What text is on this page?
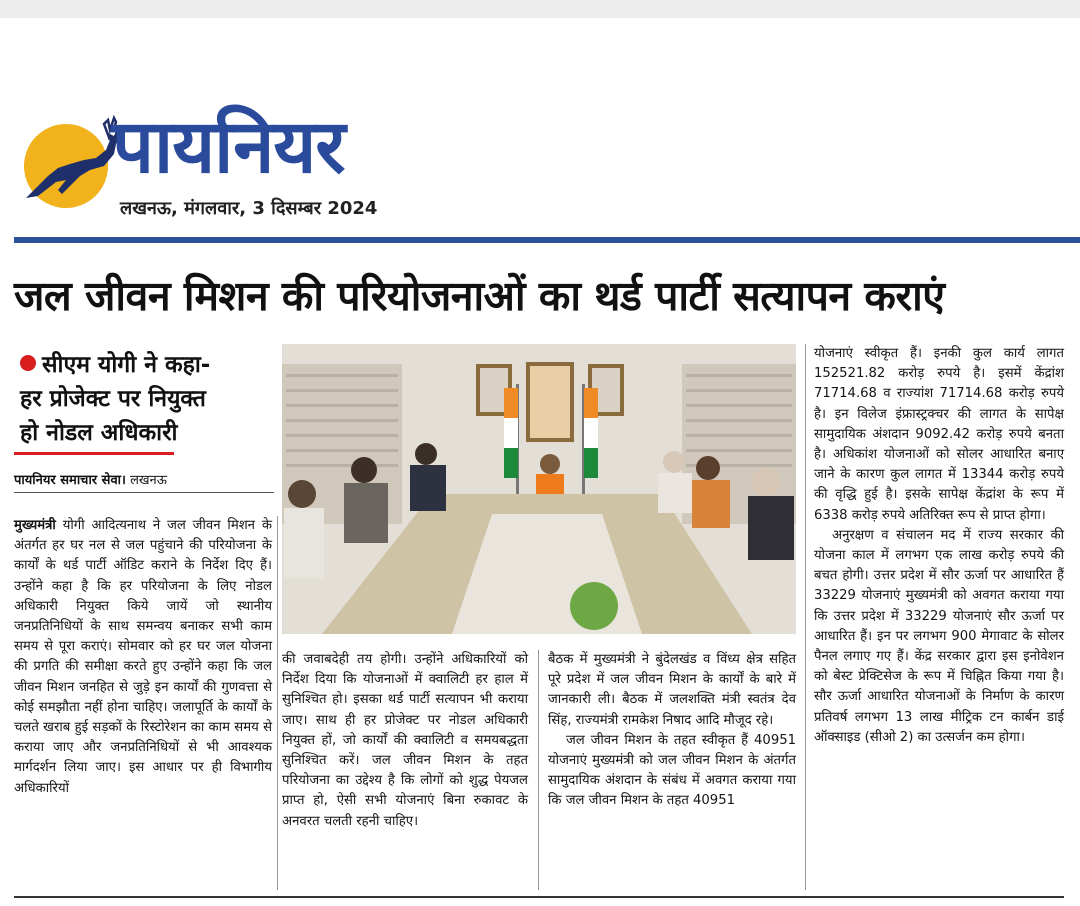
पायनियर
लखनऊ, मंगलवार, 3 दिसम्बर 2024
जल जीवन मिशन की परियोजनाओं का थर्ड पार्टी सत्यापन कराएं
सीएम योगी ने कहा-
हर प्रोजेक्ट पर नियुक्त
हो नोडल अधिकारी
पायनियर समाचार सेवा। लखनऊ

मुख्यमंत्री योगी आदित्यनाथ ने जल जीवन मिशन के अंतर्गत हर घर नल से जल पहुंचाने की परियोजना के कार्यों के थर्ड पार्टी ऑडिट कराने के निर्देश दिए हैं। उन्होंने कहा है कि हर परियोजना के लिए नोडल अधिकारी नियुक्त किये जायें जो स्थानीय जनप्रतिनिधियों के साथ समन्वय बनाकर सभी काम समय से पूरा कराएं। सोमवार को हर घर जल योजना की प्रगति की समीक्षा करते हुए उन्होंने कहा कि जल जीवन मिशन जनहित से जुड़े इन कार्यों की गुणवत्ता से कोई समझौता नहीं होना चाहिए। जलापूर्ति के कार्यों के चलते खराब हुई सड़कों के रिस्टोरेशन का काम समय से कराया जाए और जनप्रतिनिधियों से भी आवश्यक मार्गदर्शन लिया जाए। इस आधार पर ही विभागीय अधिकारियों

की जवाबदेही तय होगी। उन्होंने अधिकारियों को निर्देश दिया कि योजनाओं में क्वालिटी हर हाल में सुनिश्चित हो। इसका थर्ड पार्टी सत्यापन भी कराया जाए। साथ ही हर प्रोजेक्ट पर नोडल अधिकारी नियुक्त हों, जो कार्यों की क्वालिटी व समयबद्धता सुनिश्चित करें। जल जीवन मिशन के तहत परियोजना का उद्देश्य है कि लोगों को शुद्ध पेयजल प्राप्त हो, ऐसी सभी योजनाएं बिना रुकावट के अनवरत चलती रहनी चाहिए।

बैठक में मुख्यमंत्री ने बुंदेलखंड व विंध्य क्षेत्र सहित पूरे प्रदेश में जल जीवन मिशन के कार्यों के बारे में जानकारी ली। बैठक में जलशक्ति मंत्री स्वतंत्र देव सिंह, राज्यमंत्री रामकेश निषाद आदि मौजूद रहे।

जल जीवन मिशन के तहत स्वीकृत हैं 40951 योजनाएं मुख्यमंत्री को जल जीवन मिशन के अंतर्गत सामुदायिक अंशदान के संबंध में अवगत कराया गया कि जल जीवन मिशन के तहत 40951

योजनाएं स्वीकृत हैं। इनकी कुल कार्य लागत 152521.82 करोड़ रुपये है। इसमें केंद्रांश 71714.68 व राज्यांश 71714.68 करोड़ रुपये है। इन विलेज इंफ्रास्ट्रक्चर की लागत के सापेक्ष सामुदायिक अंशदान 9092.42 करोड़ रुपये बनता है। अधिकांश योजनाओं को सोलर आधारित बनाए जाने के कारण कुल लागत में 13344 करोड़ रुपये की वृद्धि हुई है। इसके सापेक्ष केंद्रांश के रूप में 6338 करोड़ रुपये अतिरिक्त रूप से प्राप्त होगा।

अनुरक्षण व संचालन मद में राज्य सरकार की योजना काल में लगभग एक लाख करोड़ रुपये की बचत होगी। उत्तर प्रदेश में सौर ऊर्जा पर आधारित हैं 33229 योजनाएं मुख्यमंत्री को अवगत कराया गया कि उत्तर प्रदेश में 33229 योजनाएं सौर ऊर्जा पर आधारित हैं। इन पर लगभग 900 मेगावाट के सोलर पैनल लगाए गए हैं। केंद्र सरकार द्वारा इस इनोवेशन को बेस्ट प्रेक्टिसेज के रूप में चिह्नित किया गया है। सौर ऊर्जा आधारित योजनाओं के निर्माण के कारण प्रतिवर्ष लगभग 13 लाख मीट्रिक टन कार्बन डाई ऑक्साइड (सीओ 2) का उत्सर्जन कम होगा।
